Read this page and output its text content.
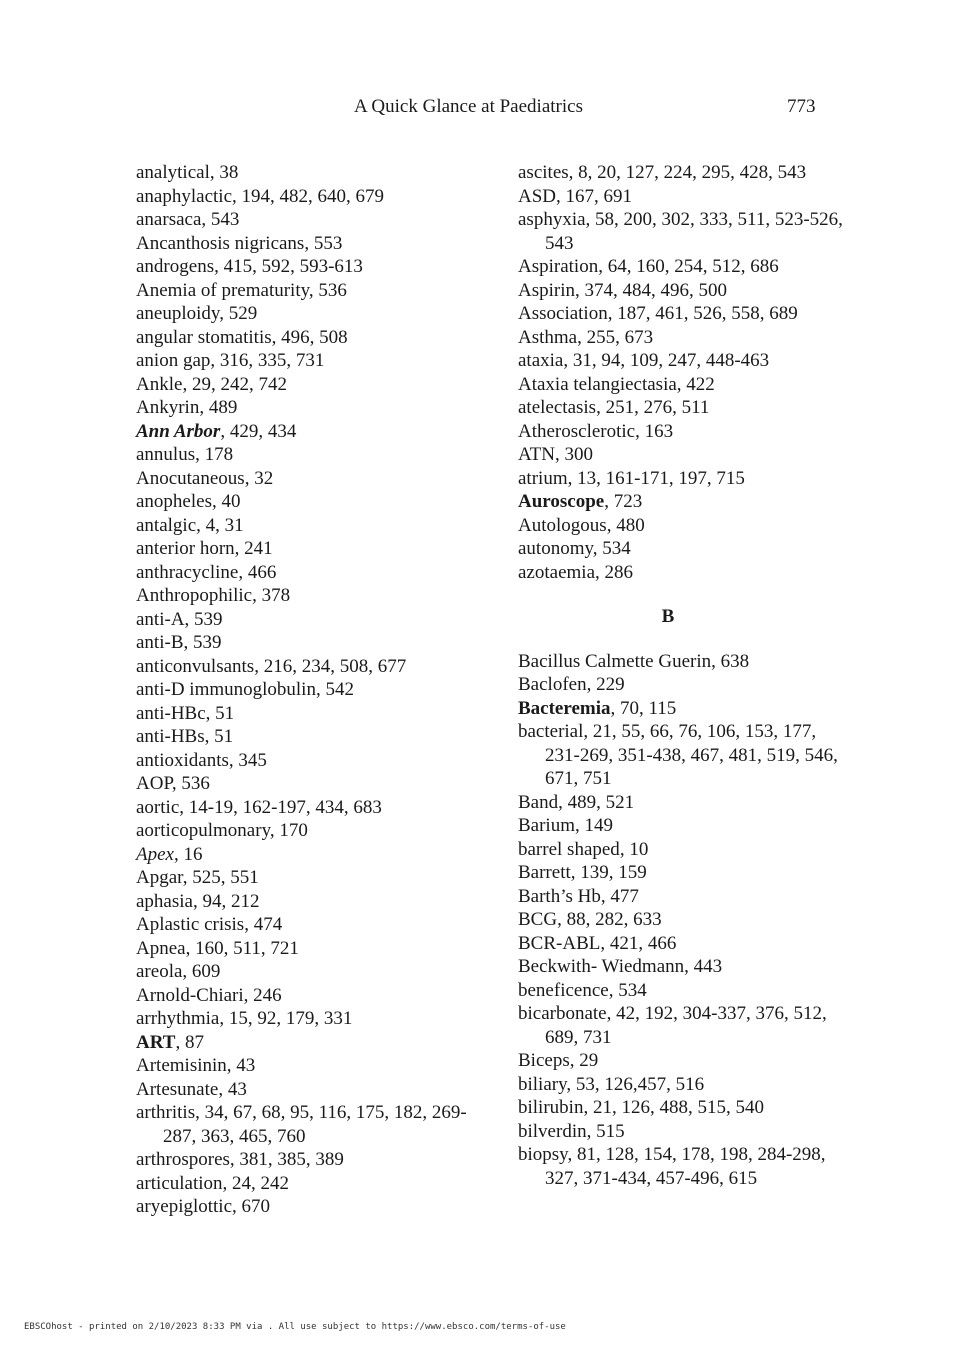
A Quick Glance at Paediatrics	773
analytical, 38
anaphylactic, 194, 482, 640, 679
anarsaca, 543
Ancanthosis nigricans, 553
androgens, 415, 592, 593-613
Anemia of prematurity, 536
aneuploidy, 529
angular stomatitis, 496, 508
anion gap, 316, 335, 731
Ankle, 29, 242, 742
Ankyrin, 489
Ann Arbor, 429, 434
annulus, 178
Anocutaneous, 32
anopheles, 40
antalgic, 4, 31
anterior horn, 241
anthracycline, 466
Anthropophilic, 378
anti-A, 539
anti-B, 539
anticonvulsants, 216, 234, 508, 677
anti-D immunoglobulin, 542
anti-HBc, 51
anti-HBs, 51
antioxidants, 345
AOP, 536
aortic, 14-19, 162-197, 434, 683
aorticopulmonary, 170
Apex, 16
Apgar, 525, 551
aphasia, 94, 212
Aplastic crisis, 474
Apnea, 160, 511, 721
areola, 609
Arnold-Chiari, 246
arrhythmia, 15, 92, 179, 331
ART, 87
Artemisinin, 43
Artesunate, 43
arthritis, 34, 67, 68, 95, 116, 175, 182, 269-287, 363, 465, 760
arthrospores, 381, 385, 389
articulation, 24, 242
aryepiglottic, 670
ascites, 8, 20, 127, 224, 295, 428, 543
ASD, 167, 691
asphyxia, 58, 200, 302, 333, 511, 523-526, 543
Aspiration, 64, 160, 254, 512, 686
Aspirin, 374, 484, 496, 500
Association, 187, 461, 526, 558, 689
Asthma, 255, 673
ataxia, 31, 94, 109, 247, 448-463
Ataxia telangiectasia, 422
atelectasis, 251, 276, 511
Atherosclerotic, 163
ATN, 300
atrium, 13, 161-171, 197, 715
Auroscope, 723
Autologous, 480
autonomy, 534
azotaemia, 286
B
Bacillus Calmette Guerin, 638
Baclofen, 229
Bacteremia, 70, 115
bacterial, 21, 55, 66, 76, 106, 153, 177, 231-269, 351-438, 467, 481, 519, 546, 671, 751
Band, 489, 521
Barium, 149
barrel shaped, 10
Barrett, 139, 159
Barth’s Hb, 477
BCG, 88, 282, 633
BCR-ABL, 421, 466
Beckwith- Wiedmann, 443
beneficence, 534
bicarbonate, 42, 192, 304-337, 376, 512, 689, 731
Biceps, 29
biliary, 53, 126,457, 516
bilirubin, 21, 126, 488, 515, 540
bilverdin, 515
biopsy, 81, 128, 154, 178, 198, 284-298, 327, 371-434, 457-496, 615
EBSCOhost - printed on 2/10/2023 8:33 PM via . All use subject to https://www.ebsco.com/terms-of-use
